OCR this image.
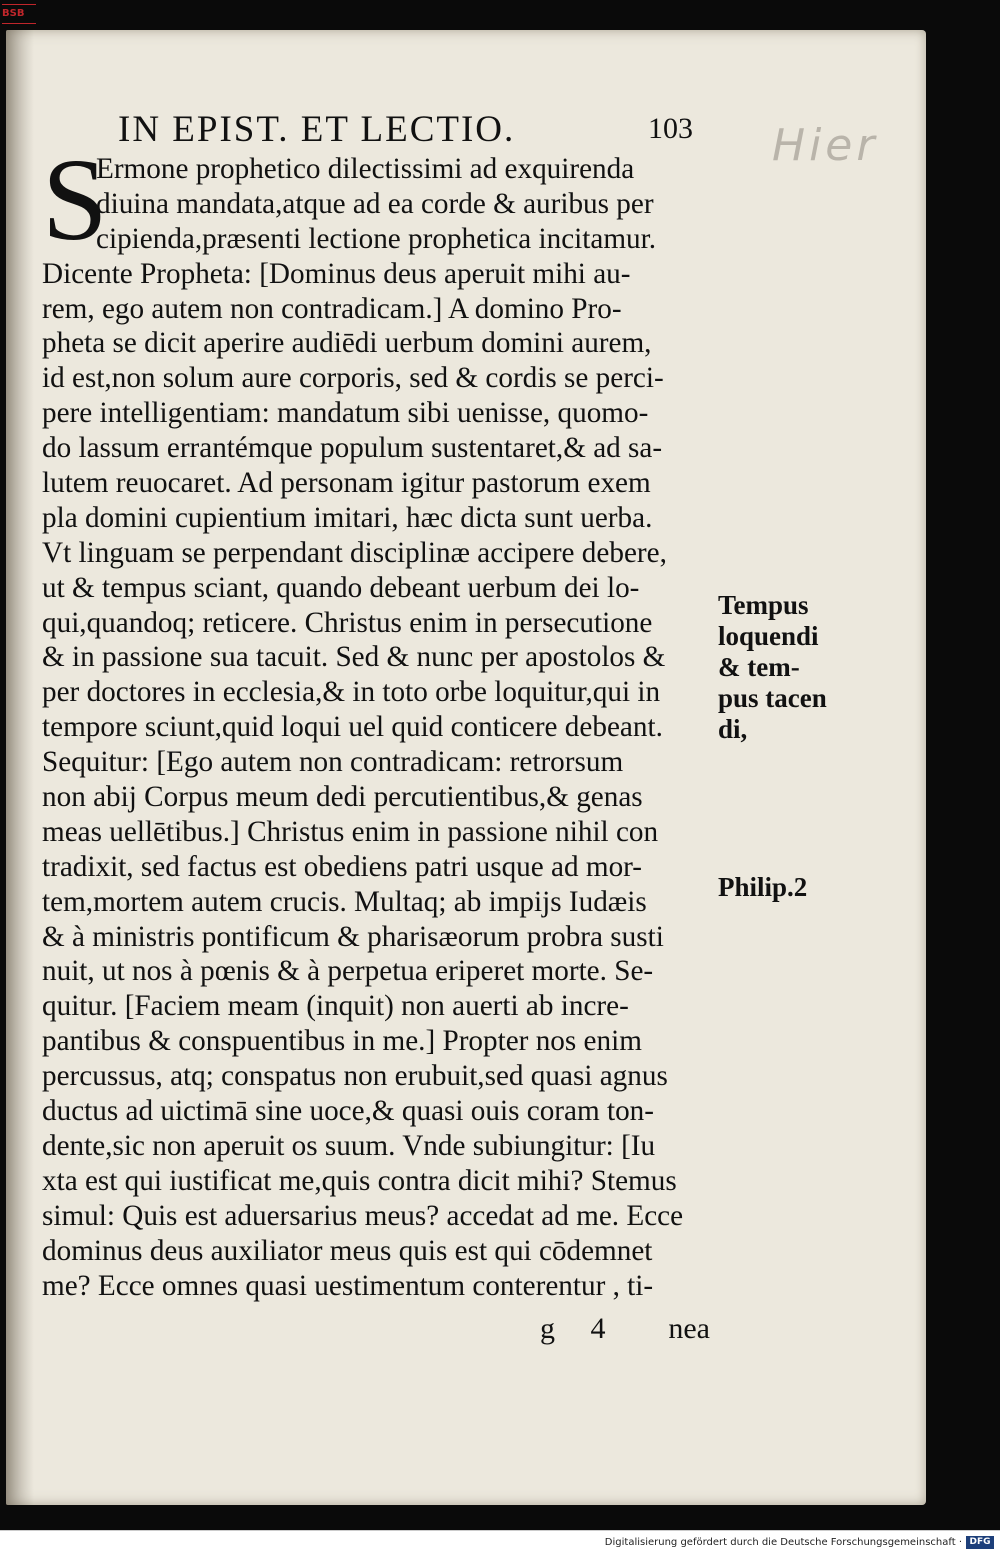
BSB
Hier
IN EPIST. ET LECTIO.	103
S
Ermone prophetico dilectissimi ad exquirenda
diuina mandata,atque ad ea corde & auribus per
cipienda,præsenti lectione prophetica incitamur.
Dicente Propheta: [Dominus deus aperuit mihi au-
rem, ego autem non contradicam.] A domino Pro-
pheta se dicit aperire audiēdi uerbum domini aurem,
id est,non solum aure corporis, sed & cordis se perci-
pere intelligentiam: mandatum sibi uenisse, quomo-
do lassum errantémque populum sustentaret,& ad sa-
lutem reuocaret. Ad personam igitur pastorum exem
pla domini cupientium imitari, hæc dicta sunt uerba.
Vt linguam se perpendant disciplinæ accipere debere,
ut & tempus sciant, quando debeant uerbum dei lo-
qui,quandoq; reticere. Christus enim in persecutione
& in passione sua tacuit. Sed & nunc per apostolos &
per doctores in ecclesia,& in toto orbe loquitur,qui in
tempore sciunt,quid loqui uel quid conticere debeant.
Sequitur: [Ego autem non contradicam: retrorsum
non abij Corpus meum dedi percutientibus,& genas
meas uellētibus.] Christus enim in passione nihil con
tradixit, sed factus est obediens patri usque ad mor-
tem,mortem autem crucis. Multaq; ab impijs Iudæis
& à ministris pontificum & pharisæorum probra susti
nuit, ut nos à pœnis & à perpetua eriperet morte. Se-
quitur. [Faciem meam (inquit) non auerti ab incre-
pantibus & conspuentibus in me.] Propter nos enim
percussus, atq; conspatus non erubuit,sed quasi agnus
ductus ad uictimā sine uoce,& quasi ouis coram ton-
dente,sic non aperuit os suum. Vnde subiungitur: [Iu
xta est qui iustificat me,quis contra dicit mihi? Stemus
simul: Quis est aduersarius meus? accedat ad me. Ecce
dominus deus auxiliator meus quis est qui cōdemnet
me? Ecce omnes quasi uestimentum conterentur , ti-
Tempus
loquendi
& tem-
pus tacen
di,
Philip.2
g 4 nea
Digitalisierung gefördert durch die Deutsche Forschungsgemeinschaft · DFG
